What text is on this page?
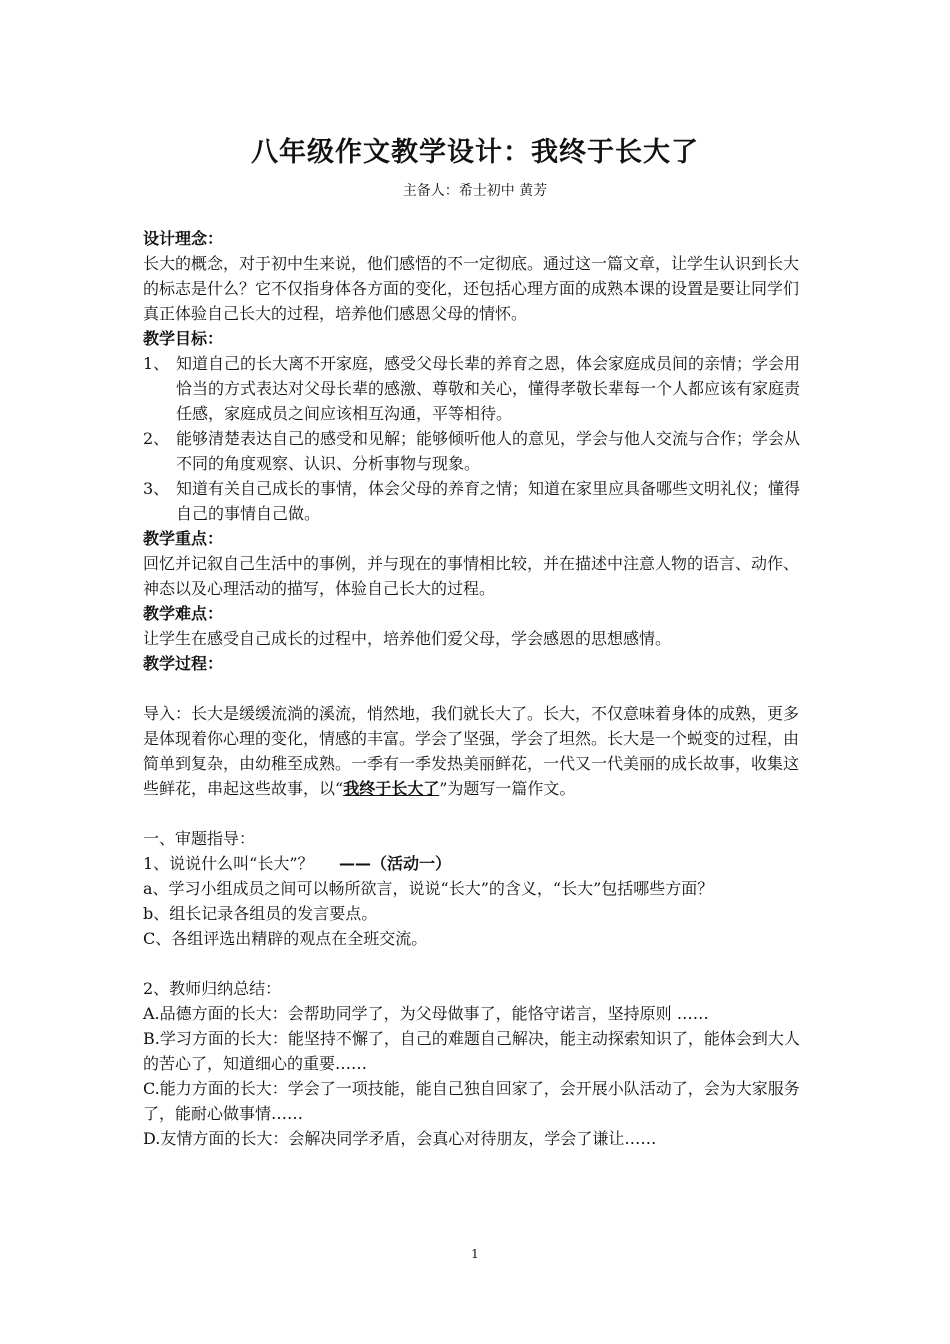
八年级作文教学设计：我终于长大了
主备人：希士初中 黄芳

设计理念：

长大的概念，对于初中生来说，他们感悟的不一定彻底。通过这一篇文章，让学生认识到长大的标志是什么？它不仅指身体各方面的变化，还包括心理方面的成熟本课的设置是要让同学们真正体验自己长大的过程，培养他们感恩父母的情怀。

教学目标：

1、 知道自己的长大离不开家庭，感受父母长辈的养育之恩，体会家庭成员间的亲情；学会用恰当的方式表达对父母长辈的感激、尊敬和关心，懂得孝敬长辈每一个人都应该有家庭责任感，家庭成员之间应该相互沟通，平等相待。
2、 能够清楚表达自己的感受和见解；能够倾听他人的意见，学会与他人交流与合作；学会从不同的角度观察、认识、分析事物与现象。
3、 知道有关自己成长的事情，体会父母的养育之情；知道在家里应具备哪些文明礼仪；懂得自己的事情自己做。

教学重点：

回忆并记叙自己生活中的事例，并与现在的事情相比较，并在描述中注意人物的语言、动作、神态以及心理活动的描写，体验自己长大的过程。

教学难点：

让学生在感受自己成长的过程中，培养他们爱父母，学会感恩的思想感情。

教学过程：

导入：长大是缓缓流淌的溪流，悄然地，我们就长大了。长大，不仅意味着身体的成熟，更多是体现着你心理的变化，情感的丰富。学会了坚强，学会了坦然。长大是一个蜕变的过程，由简单到复杂，由幼稚至成熟。一季有一季发热美丽鲜花，一代又一代美丽的成长故事，收集这些鲜花，串起这些故事，以“我终于长大了”为题写一篇作文。

一、审题指导：

1、说说什么叫“长大”？     ——（活动一）

a、学习小组成员之间可以畅所欲言，说说“长大”的含义，“长大”包括哪些方面？

b、组长记录各组员的发言要点。

C、各组评选出精辟的观点在全班交流。

2、教师归纳总结：

A.品德方面的长大：会帮助同学了，为父母做事了，能恪守诺言，坚持原则 ……

B.学习方面的长大：能坚持不懈了，自己的难题自己解决，能主动探索知识了，能体会到大人的苦心了，知道细心的重要……

C.能力方面的长大：学会了一项技能，能自己独自回家了，会开展小队活动了，会为大家服务了，能耐心做事情……

D.友情方面的长大：会解决同学矛盾，会真心对待朋友，学会了谦让……

1
